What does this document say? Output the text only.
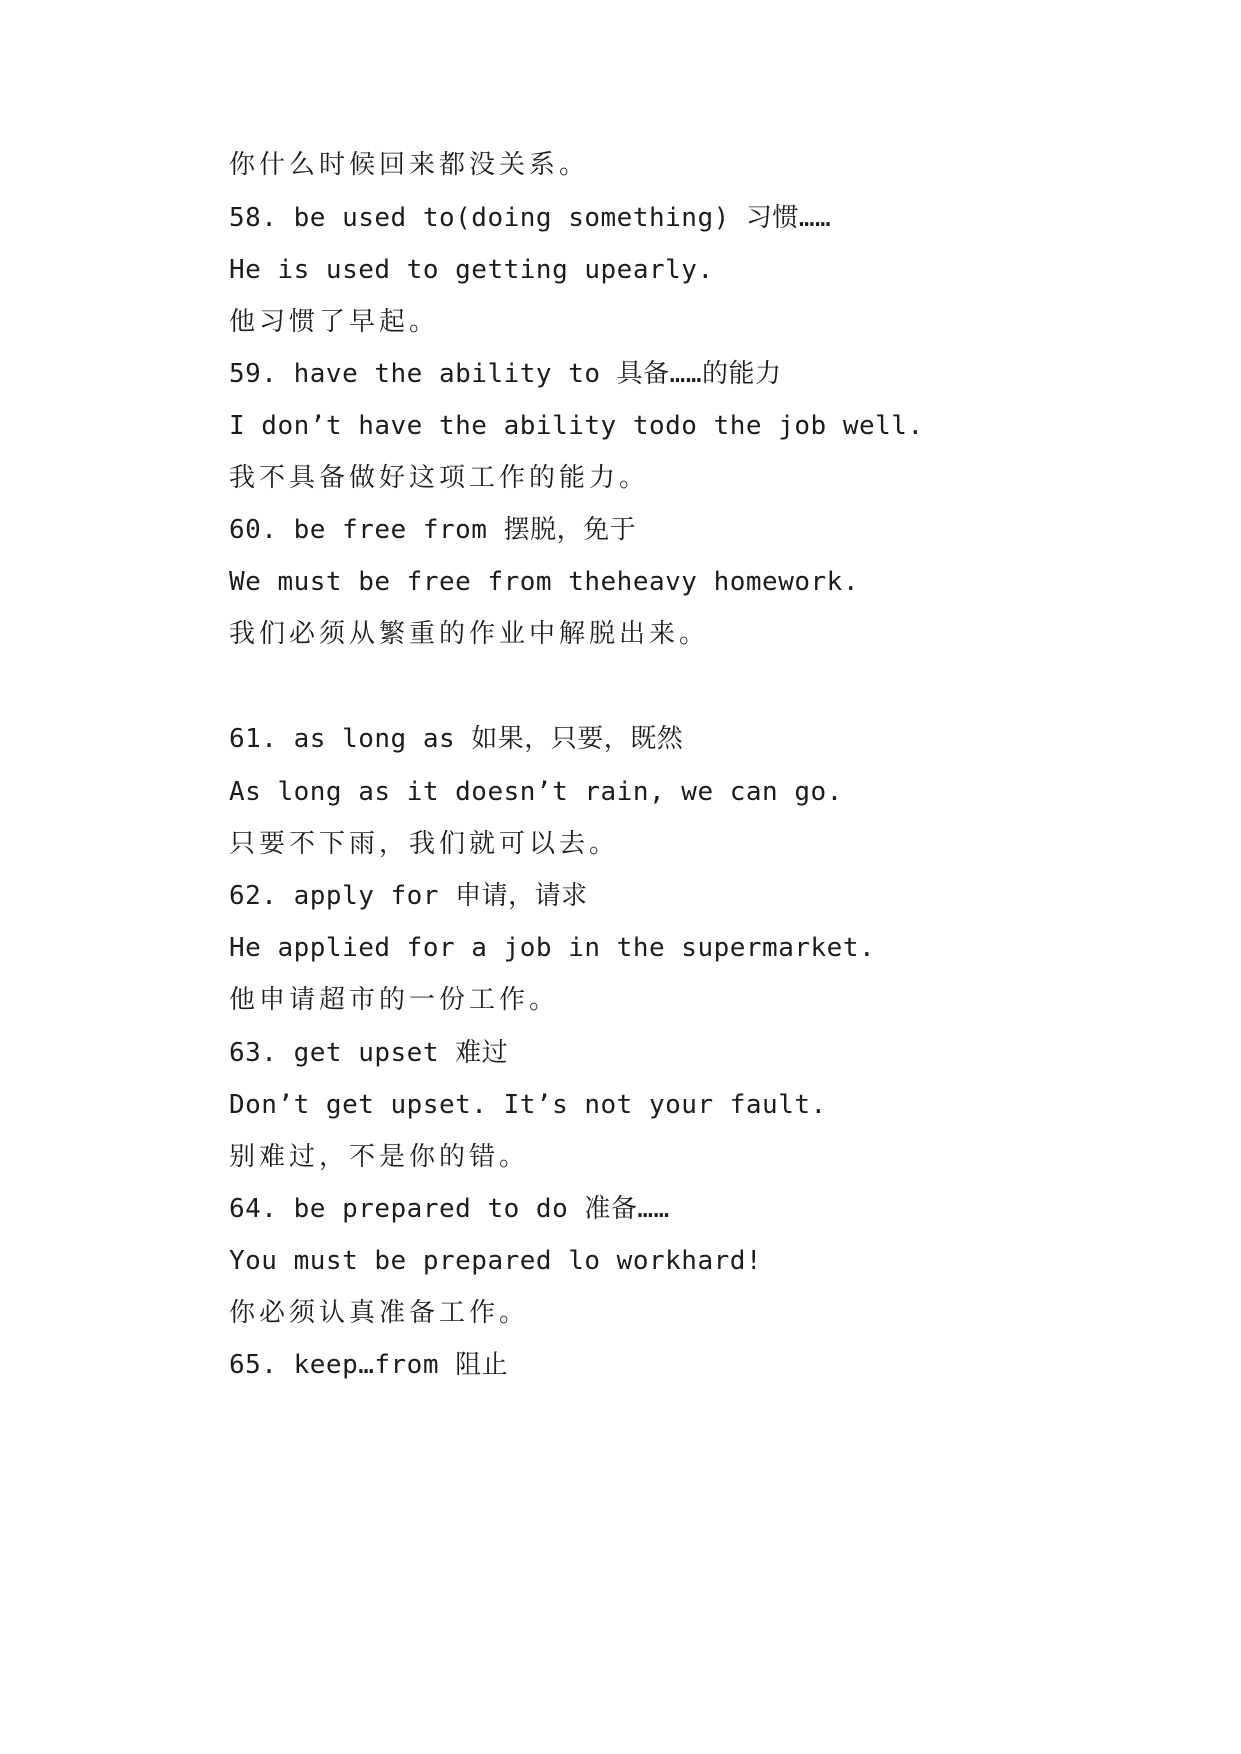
你什么时候回来都没关系。
58. be used to(doing something) 习惯……
He is used to getting upearly.
他习惯了早起。
59. have the ability to 具备……的能力
I don’t have the ability todo the job well.
我不具备做好这项工作的能力。
60. be free from 摆脱，免于
We must be free from theheavy homework.
我们必须从繁重的作业中解脱出来。
61. as long as 如果，只要，既然
As long as it doesn’t rain, we can go.
只要不下雨，我们就可以去。
62. apply for 申请，请求
He applied for a job in the supermarket.
他申请超市的一份工作。
63. get upset 难过
Don’t get upset. It’s not your fault.
别难过，不是你的错。
64. be prepared to do 准备……
You must be prepared lo workhard!
你必须认真准备工作。
65. keep…from 阻止
